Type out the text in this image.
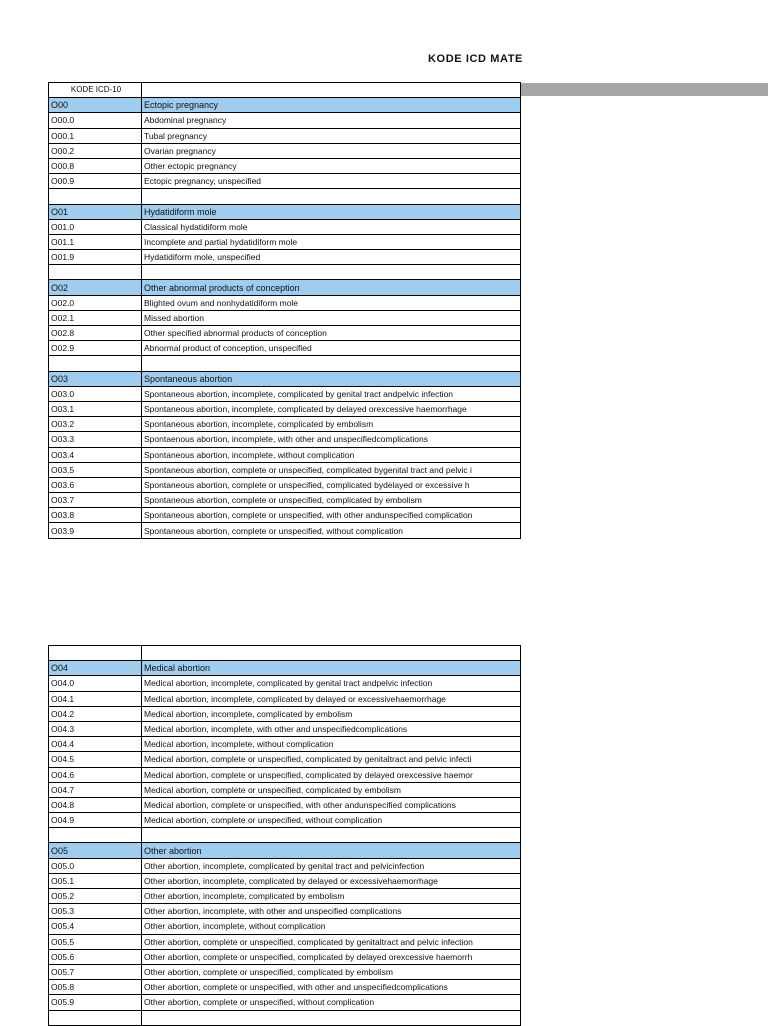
KODE ICD MATE
KODE ICD-10	
O00	Ectopic pregnancy
O00.0	Abdominal pregnancy
O00.1	Tubal pregnancy
O00.2	Ovarian pregnancy
O00.8	Other ectopic pregnancy
O00.9	Ectopic pregnancy, unspecified

O01	Hydatidiform mole
O01.0	Classical hydatidiform mole
O01.1	Incomplete and partial hydatidiform mole
O01.9	Hydatidiform mole, unspecified

O02	Other abnormal products of conception
O02.0	Blighted ovum and nonhydatidiform mole
O02.1	Missed abortion
O02.8	Other specified abnormal products of conception
O02.9	Abnormal product of conception, unspecified

O03	Spontaneous abortion
O03.0	Spontaneous abortion, incomplete, complicated by genital tract andpelvic infection
O03.1	Spontaneous abortion, incomplete, complicated by delayed orexcessive haemorrhage
O03.2	Spontaneous abortion, incomplete, complicated by embolism
O03.3	Spontaenous abortion, incomplete, with other and unspecifiedcomplications
O03.4	Spontaneous abortion, incomplete, without complication
O03.5	Spontaneous abortion, complete or unspecified, complicated bygenital tract and pelvic i
O03.6	Spontaneous abortion, complete or unspecified, complicated bydelayed or excessive h
O03.7	Spontaneous abortion, complete or unspecified, complicated by embolism
O03.8	Spontaneous abortion, complete or unspecified, with other andunspecified complication
O03.9	Spontaneous abortion, complete or unspecified, without complication

O04	Medical abortion
O04.0	Medical abortion, incomplete, complicated by genital tract andpelvic infection
O04.1	Medical abortion, incomplete, complicated by delayed or excessivehaemorrhage
O04.2	Medical abortion, incomplete, complicated by embolism
O04.3	Medical abortion, incomplete, with other and unspecifiedcomplications
O04.4	Medical abortion, incomplete, without complication
O04.5	Medical abortion, complete or unspecified, complicated by genitaltract and pelvic infecti
O04.6	Medical abortion, complete or unspecified, complicated by delayed orexcessive haemor
O04.7	Medical abortion, complete or unspecified, complicated by embolism
O04.8	Medical abortion, complete or unspecified, with other andunspecified complications
O04.9	Medical abortion, complete or unspecified, without complication

O05	Other abortion
O05.0	Other abortion, incomplete, complicated by genital tract and pelvicinfection
O05.1	Other abortion, incomplete, complicated by delayed or excessivehaemorrhage
O05.2	Other abortion, incomplete, complicated by embolism
O05.3	Other abortion, incomplete, with other and unspecified complications
O05.4	Other abortion, incomplete, without complication
O05.5	Other abortion, complete or unspecified, complicated by genitaltract and pelvic infection
O05.6	Other abortion, complete or unspecified, complicated by delayed orexcessive haemorrh
O05.7	Other abortion, complete or unspecified, complicated by embolism
O05.8	Other abortion, complete or unspecified, with other and unspecifiedcomplications
O05.9	Other abortion, complete or unspecified, without complication
